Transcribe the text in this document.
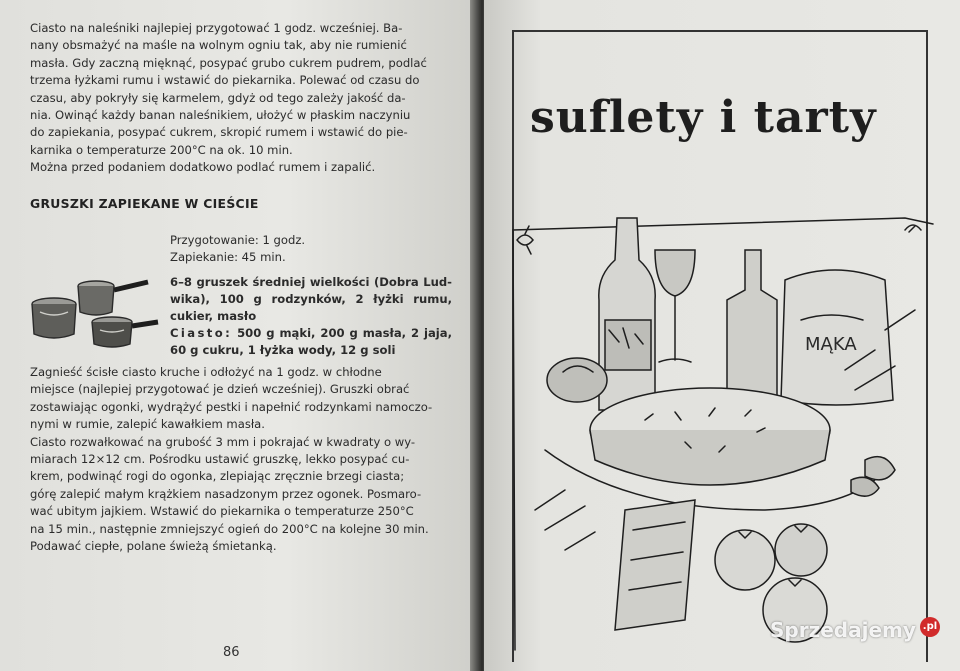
Ciasto na naleśniki najlepiej przygotować 1 godz. wcześniej. Ba-

nany obsmażyć na maśle na wolnym ogniu tak, aby nie rumienić

masła. Gdy zaczną mięknąć, posypać grubo cukrem pudrem, podlać

trzema łyżkami rumu i wstawić do piekarnika. Polewać od czasu do

czasu, aby pokryły się karmelem, gdyż od tego zależy jakość da-

nia. Owinąć każdy banan naleśnikiem, ułożyć w płaskim naczyniu

do zapiekania, posypać cukrem, skropić rumem i wstawić do pie-

karnika o temperaturze 200°C na ok. 10 min.

Można przed podaniem dodatkowo podlać rumem i zapalić.

GRUSZKI ZAPIEKANE W CIEŚCIE

Przygotowanie: 1 godz.

Zapiekanie: 45 min.

6–8 gruszek średniej wielkości (Dobra Lud-wika), 100 g rodzynków, 2 łyżki rumu, cukier, masło

Ciasto: 500 g mąki, 200 g masła, 2 jaja, 60 g cukru, 1 łyżka wody, 12 g soli

Zagnieść ścisłe ciasto kruche i odłożyć na 1 godz. w chłodne

miejsce (najlepiej przygotować je dzień wcześniej). Gruszki obrać

zostawiając ogonki, wydrążyć pestki i napełnić rodzynkami namoczo-

nymi w rumie, zalepić kawałkiem masła.

Ciasto rozwałkować na grubość 3 mm i pokrajać w kwadraty o wy-

miarach 12×12 cm. Pośrodku ustawić gruszkę, lekko posypać cu-

krem, podwinąć rogi do ogonka, zlepiając zręcznie brzegi ciasta;

górę zalepić małym krążkiem nasadzonym przez ogonek. Posmaro-

wać ubitym jajkiem. Wstawić do piekarnika o temperaturze 250°C

na 15 min., następnie zmniejszyć ogień do 200°C na kolejne 30 min.

Podawać ciepłe, polane świeżą śmietanką.

86

suflety i tarty
MĄKA

Sprzedajemy .pl
